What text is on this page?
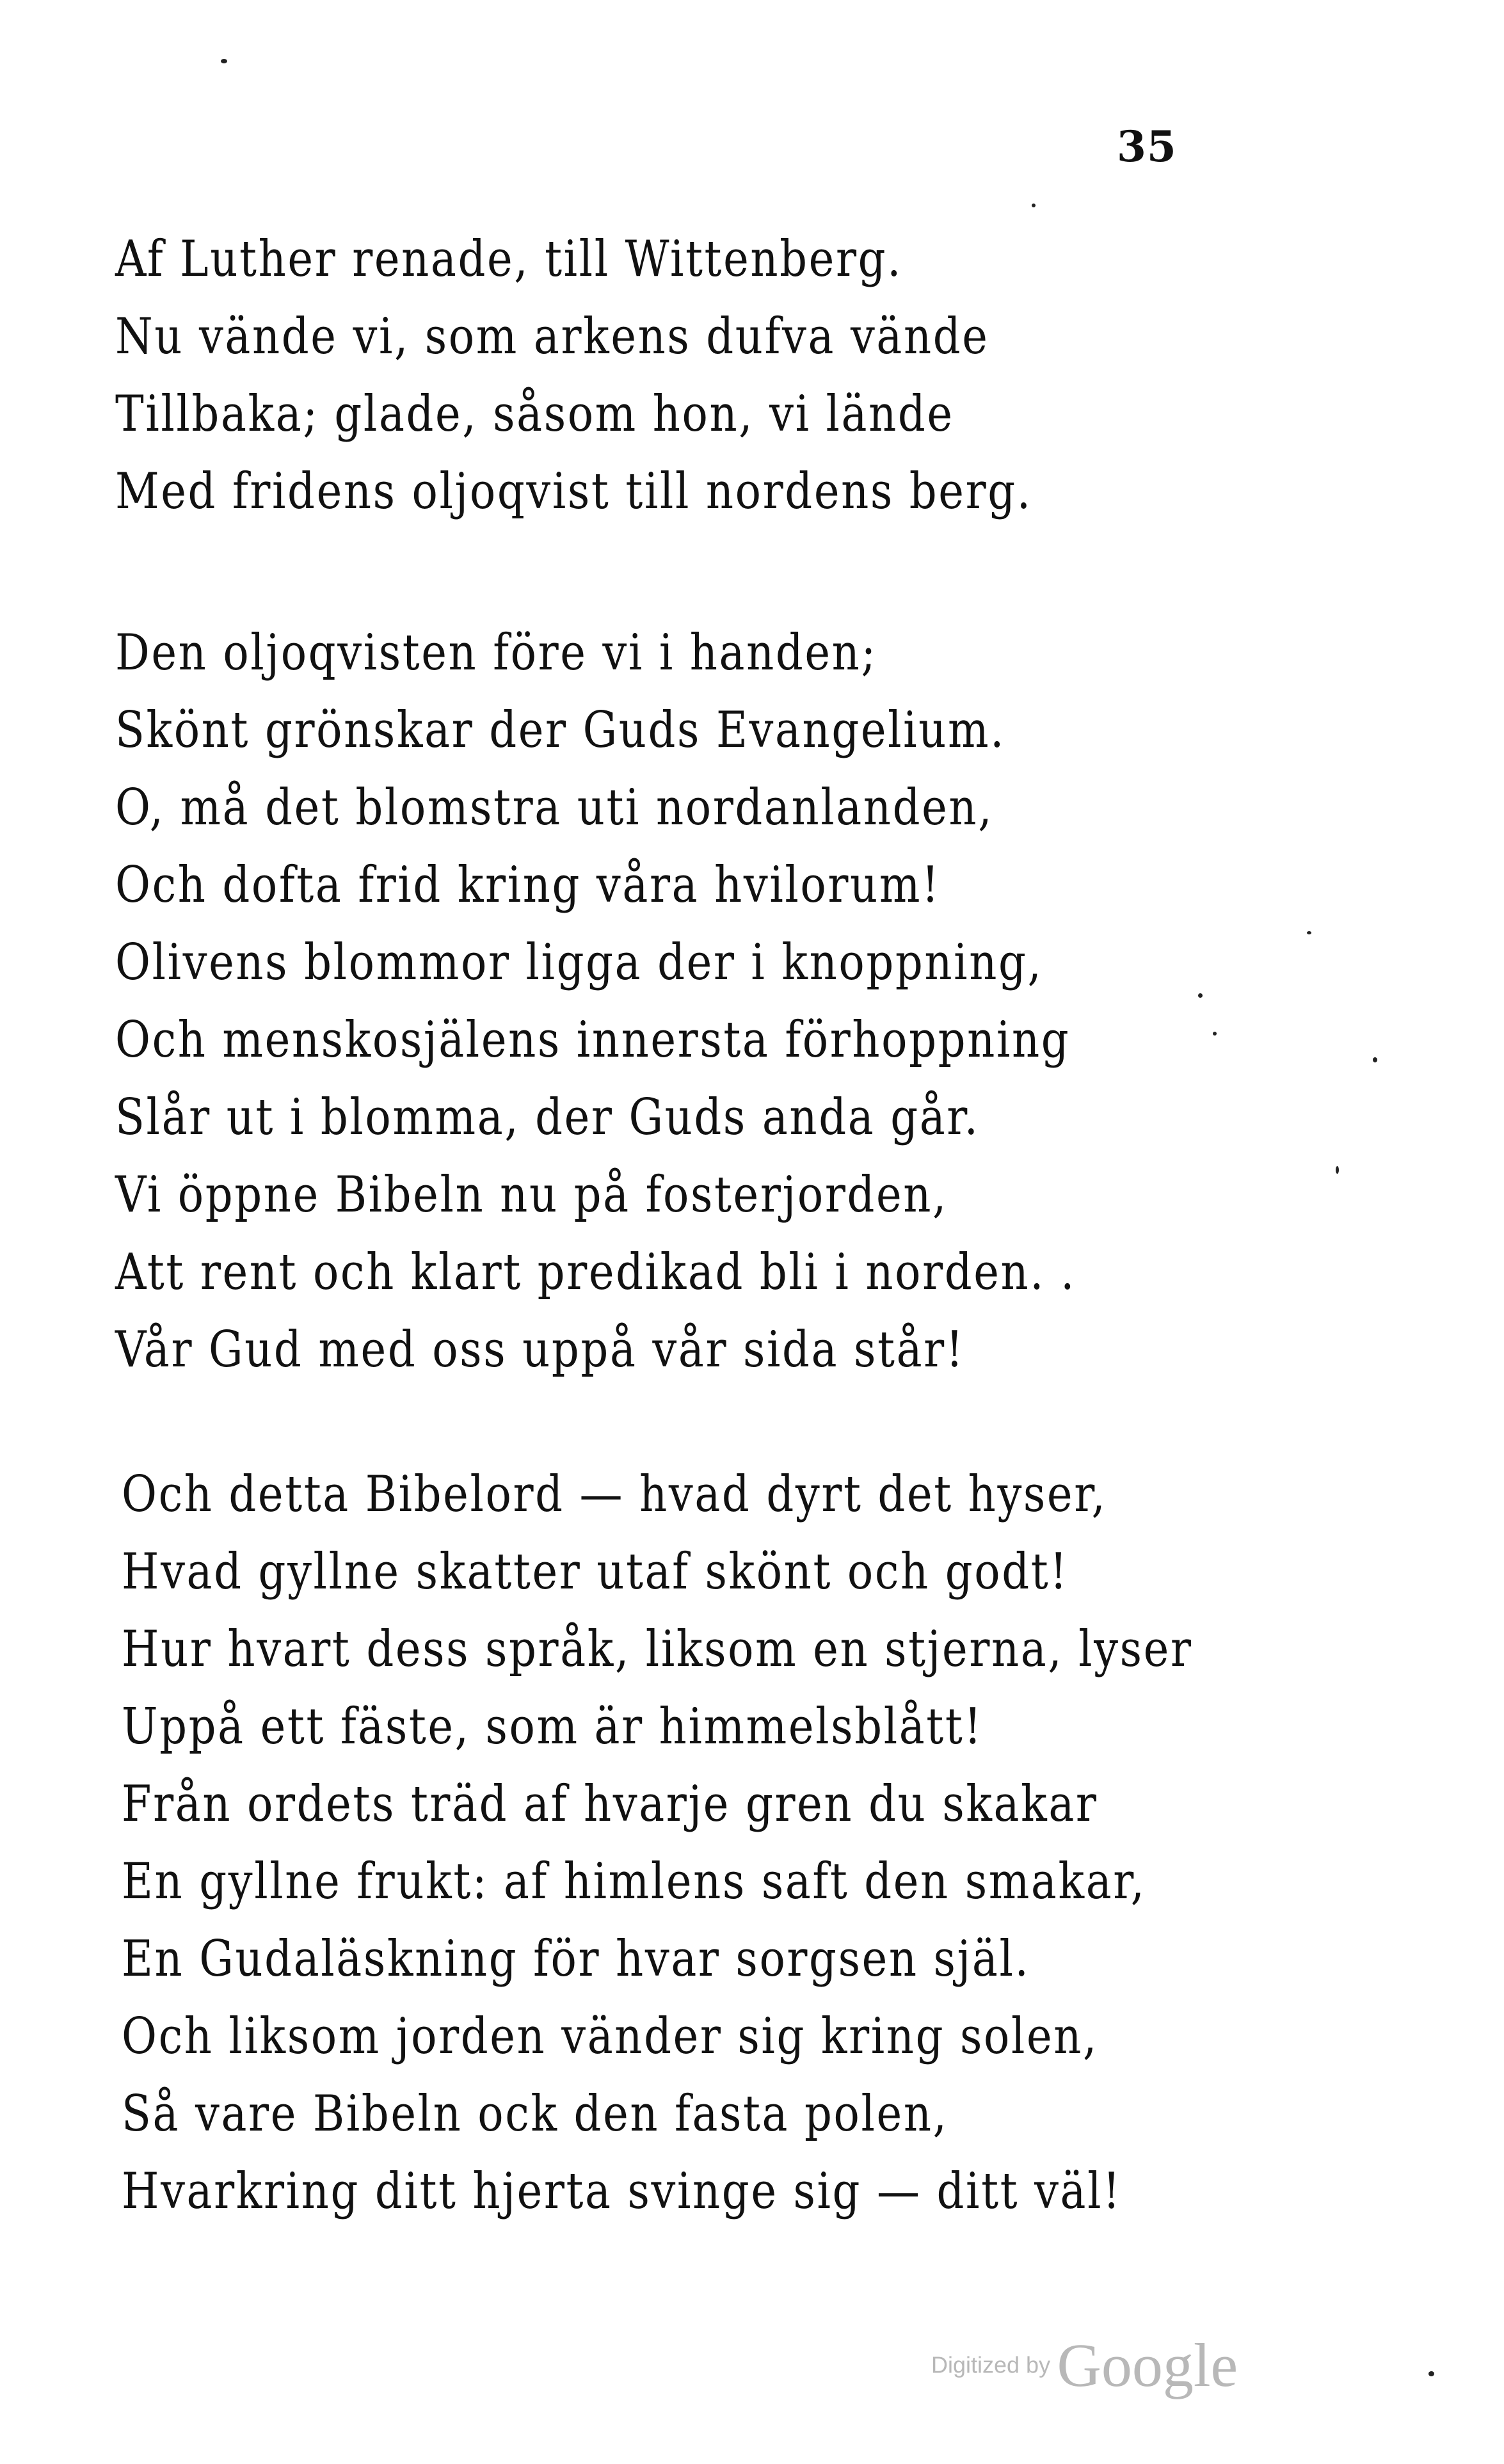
35
Af Luther renade, till Wittenberg.
Nu vände vi, som arkens dufva vände
Tillbaka; glade, såsom hon, vi lände
Med fridens oljoqvist till nordens berg.
Den oljoqvisten före vi i handen;
Skönt grönskar der Guds Evangelium.
O, må det blomstra uti nordanlanden,
Och dofta frid kring våra hvilorum!
Olivens blommor ligga der i knoppning,
Och menskosjälens innersta förhoppning
Slår ut i blomma, der Guds anda går.
Vi öppne Bibeln nu på fosterjorden,
Att rent och klart predikad bli i norden. .
Vår Gud med oss uppå vår sida står!
Och detta Bibelord — hvad dyrt det hyser,
Hvad gyllne skatter utaf skönt och godt!
Hur hvart dess språk, liksom en stjerna, lyser
Uppå ett fäste, som är himmelsblått!
Från ordets träd af hvarje gren du skakar
En gyllne frukt: af himlens saft den smakar,
En Gudaläskning för hvar sorgsen själ.
Och liksom jorden vänder sig kring solen,
Så vare Bibeln ock den fasta polen,
Hvarkring ditt hjerta svinge sig — ditt väl!
Digitized by Google
